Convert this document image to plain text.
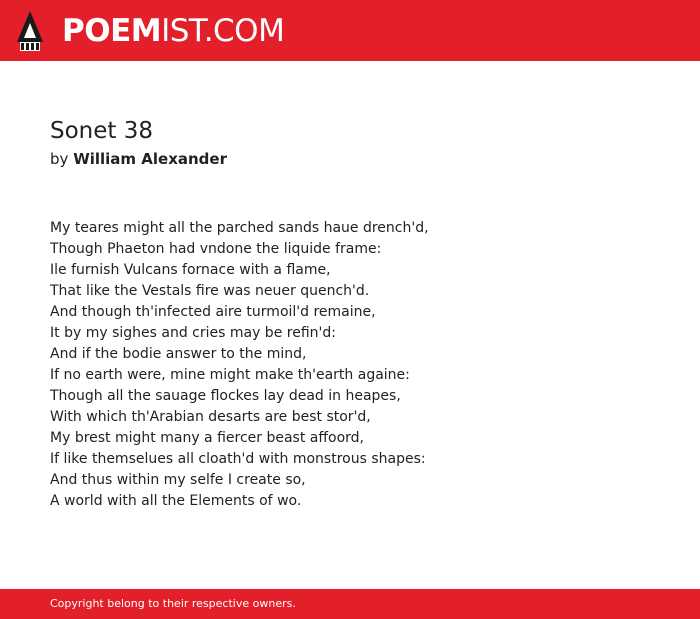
POEMIST.COM
Sonet 38
by William Alexander
My teares might all the parched sands haue drench'd,
Though Phaeton had vndone the liquide frame:
Ile furnish Vulcans fornace with a flame,
That like the Vestals fire was neuer quench'd.
And though th'infected aire turmoil'd remaine,
It by my sighes and cries may be refin'd:
And if the bodie answer to the mind,
If no earth were, mine might make th'earth againe:
Though all the sauage flockes lay dead in heapes,
With which th'Arabian desarts are best stor'd,
My brest might many a fiercer beast affoord,
If like themselues all cloath'd with monstrous shapes:
And thus within my selfe I create so,
A world with all the Elements of wo.
Copyright belong to their respective owners.
